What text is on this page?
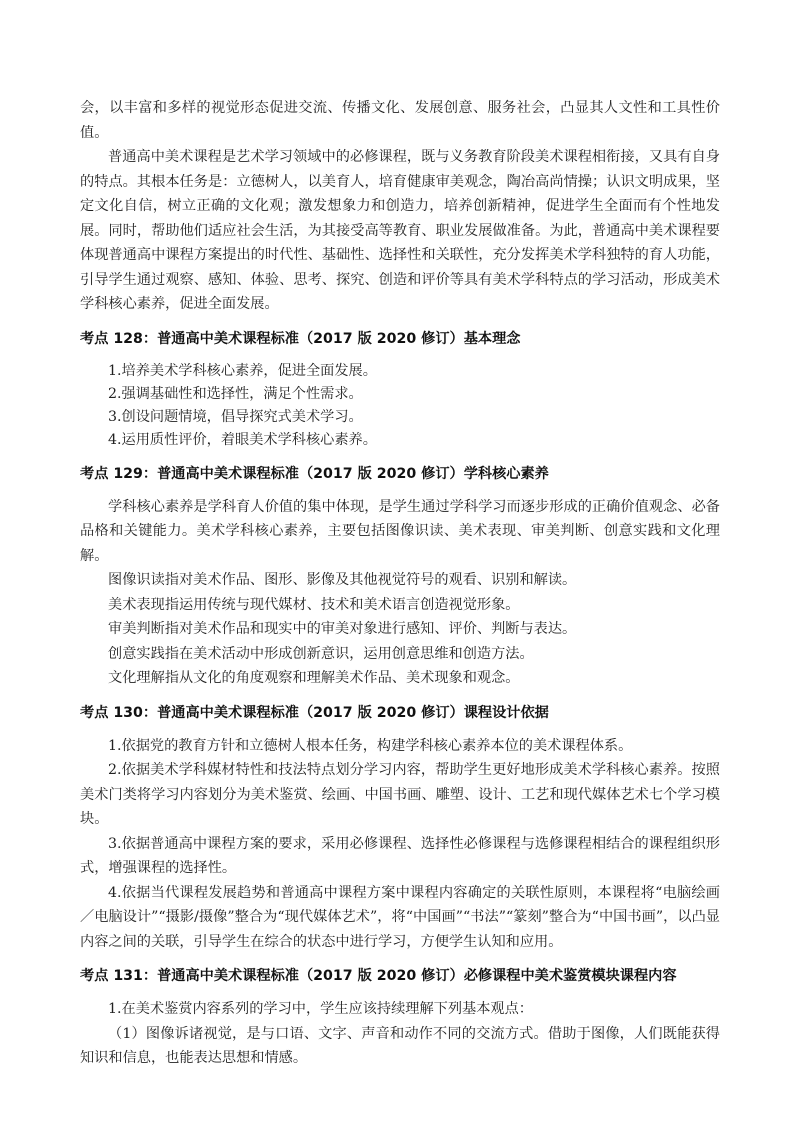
会，以丰富和多样的视觉形态促进交流、传播文化、发展创意、服务社会，凸显其人文性和工具性价值。

普通高中美术课程是艺术学习领域中的必修课程，既与义务教育阶段美术课程相衔接，又具有自身的特点。其根本任务是：立德树人，以美育人，培育健康审美观念，陶冶高尚情操；认识文明成果，坚定文化自信，树立正确的文化观；激发想象力和创造力，培养创新精神，促进学生全面而有个性地发展。同时，帮助他们适应社会生活，为其接受高等教育、职业发展做准备。为此，普通高中美术课程要体现普通高中课程方案提出的时代性、基础性、选择性和关联性，充分发挥美术学科独特的育人功能，引导学生通过观察、感知、体验、思考、探究、创造和评价等具有美术学科特点的学习活动，形成美术学科核心素养，促进全面发展。

考点 128：普通高中美术课程标准（2017 版 2020 修订）基本理念

1.培养美术学科核心素养，促进全面发展。

2.强调基础性和选择性，满足个性需求。

3.创设问题情境，倡导探究式美术学习。

4.运用质性评价，着眼美术学科核心素养。

考点 129：普通高中美术课程标准（2017 版 2020 修订）学科核心素养

学科核心素养是学科育人价值的集中体现，是学生通过学科学习而逐步形成的正确价值观念、必备品格和关键能力。美术学科核心素养，主要包括图像识读、美术表现、审美判断、创意实践和文化理解。

图像识读指对美术作品、图形、影像及其他视觉符号的观看、识别和解读。

美术表现指运用传统与现代媒材、技术和美术语言创造视觉形象。

审美判断指对美术作品和现实中的审美对象进行感知、评价、判断与表达。

创意实践指在美术活动中形成创新意识，运用创意思维和创造方法。

文化理解指从文化的角度观察和理解美术作品、美术现象和观念。

考点 130：普通高中美术课程标准（2017 版 2020 修订）课程设计依据

1.依据党的教育方针和立德树人根本任务，构建学科核心素养本位的美术课程体系。

2.依据美术学科媒材特性和技法特点划分学习内容，帮助学生更好地形成美术学科核心素养。按照美术门类将学习内容划分为美术鉴赏、绘画、中国书画、雕塑、设计、工艺和现代媒体艺术七个学习模块。

3.依据普通高中课程方案的要求，采用必修课程、选择性必修课程与选修课程相结合的课程组织形式，增强课程的选择性。

4.依据当代课程发展趋势和普通高中课程方案中课程内容确定的关联性原则，本课程将“电脑绘画／电脑设计”“摄影/摄像”整合为“现代媒体艺术”，将“中国画”“书法”“篆刻”整合为“中国书画”，以凸显内容之间的关联，引导学生在综合的状态中进行学习，方便学生认知和应用。

考点 131：普通高中美术课程标准（2017 版 2020 修订）必修课程中美术鉴赏模块课程内容

1.在美术鉴赏内容系列的学习中，学生应该持续理解下列基本观点：

（1）图像诉诸视觉，是与口语、文字、声音和动作不同的交流方式。借助于图像，人们既能获得知识和信息，也能表达思想和情感。
